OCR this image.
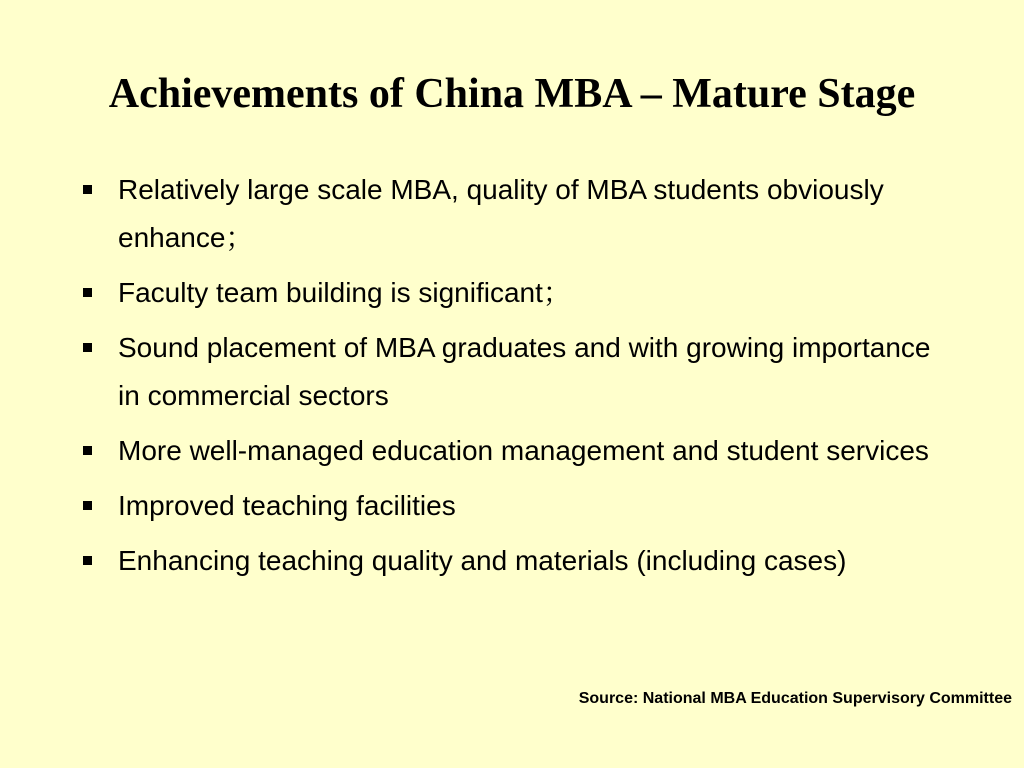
Achievements of China MBA – Mature Stage
Relatively large scale MBA, quality of MBA students obviously enhance；
Faculty team building is significant；
Sound placement of MBA graduates and with growing importance in commercial sectors
More well-managed education management and student services
Improved teaching facilities
Enhancing teaching quality and materials (including cases)
Source: National MBA Education Supervisory Committee
